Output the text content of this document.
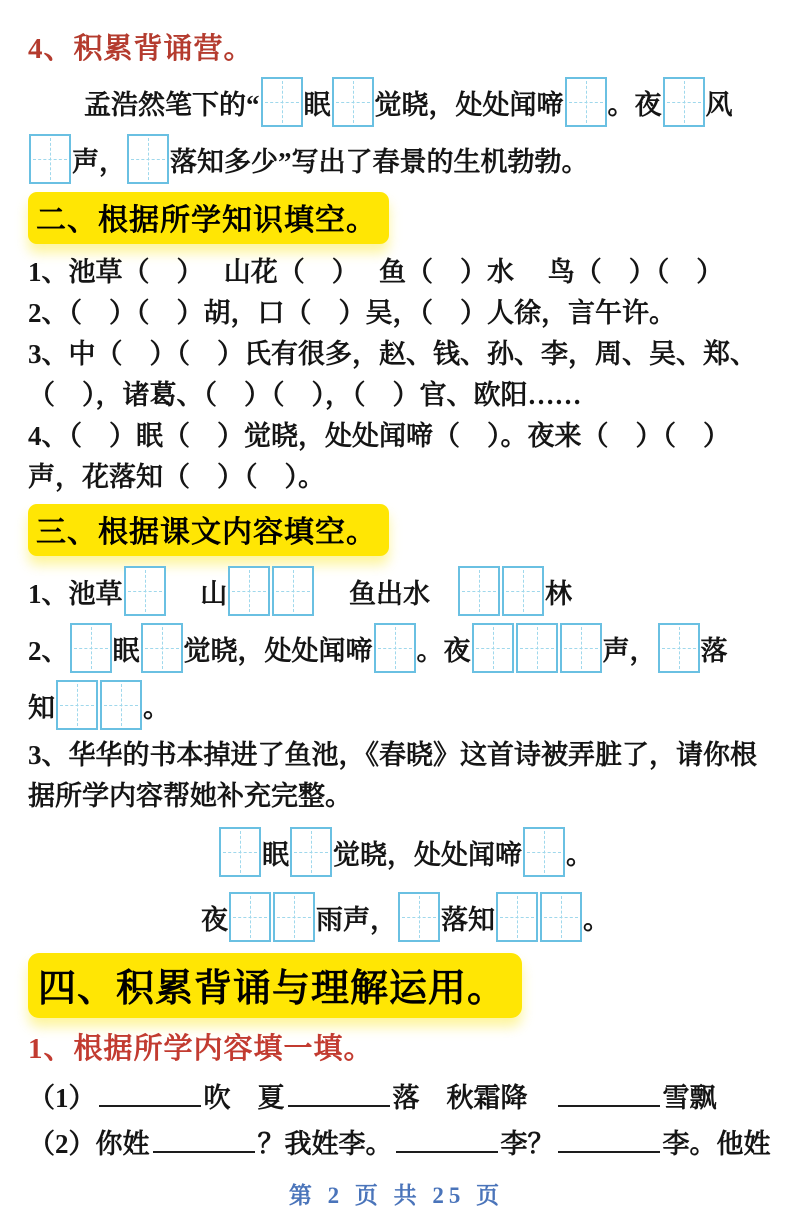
4、积累背诵营。
孟浩然笔下的“ 眠 觉晓，处处闻啼 。夜 风
声， 落知多少”写出了春景的生机勃勃。
二、根据所学知识填空。
1、池草（　）　 山花（　）　 鱼（　）水　 鸟（　）（　）
2、（　）（　）胡，口（　）吴，（　）人徐，言午许。
3、中（　）（　）氏有很多，赵、钱、孙、李，周、吴、郑、
（　），诸葛、（　）（　），（　）官、欧阳……
4、（　）眠（　）觉晓，处处闻啼（　）。夜来（　）（　）
声，花落知（　）（　）。
三、根据课文内容填空。
1、池草 　 山	　 鱼出水　	林
2、 眠 觉晓，处处闻啼 。夜	声， 落
知	。
3、华华的书本掉进了鱼池，《春晓》这首诗被弄脏了，请你根
据所学内容帮她补充完整。
眠 觉晓，处处闻啼 。
夜	雨声， 落知	。
四、积累背诵与理解运用。
1、根据所学内容填一填。
（1）	吹　夏	落　秋霜降　	雪飘
（2）你姓	？我姓李。	李？	李。他姓
第 2 页 共 25 页
